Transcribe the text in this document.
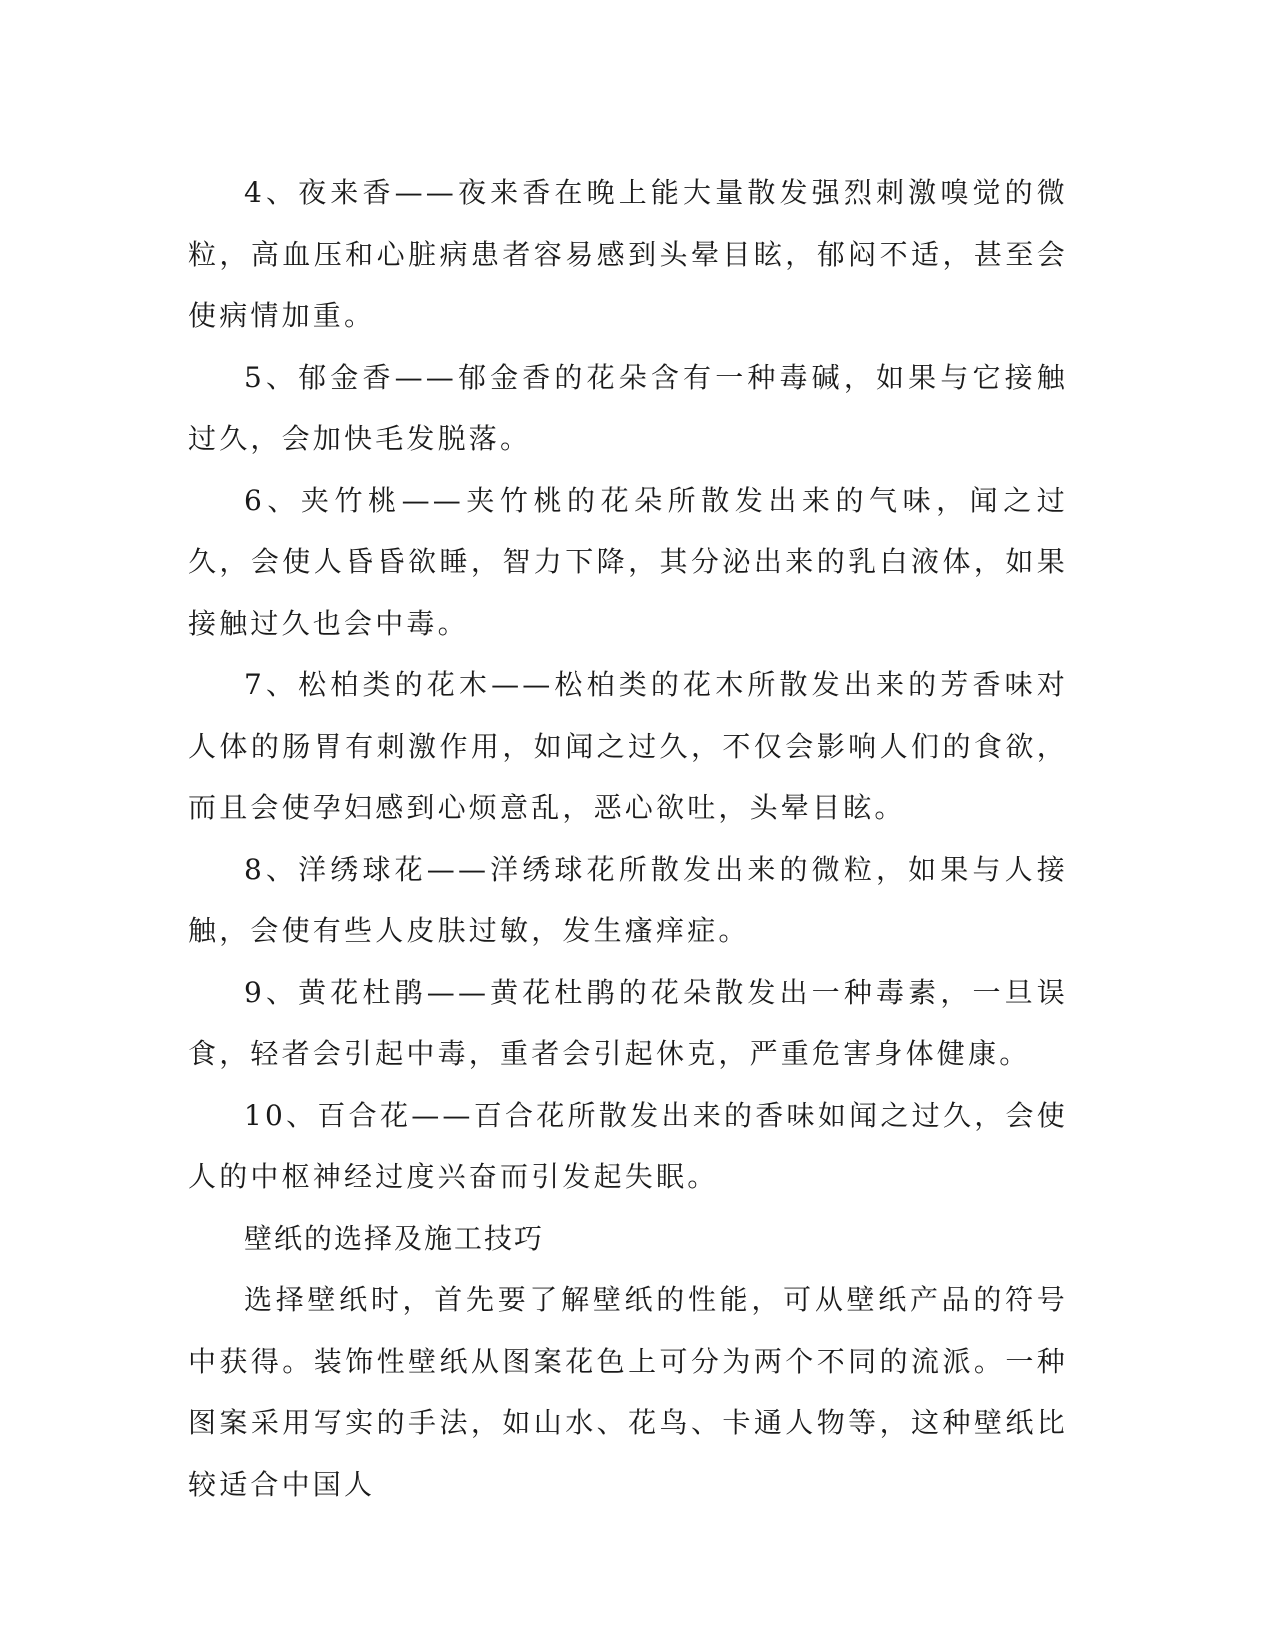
4、夜来香——夜来香在晚上能大量散发强烈刺激嗅觉的微粒，高血压和心脏病患者容易感到头晕目眩，郁闷不适，甚至会使病情加重。

5、郁金香——郁金香的花朵含有一种毒碱，如果与它接触过久，会加快毛发脱落。

6、夹竹桃——夹竹桃的花朵所散发出来的气味，闻之过久，会使人昏昏欲睡，智力下降，其分泌出来的乳白液体，如果接触过久也会中毒。

7、松柏类的花木——松柏类的花木所散发出来的芳香味对人体的肠胃有刺激作用，如闻之过久，不仅会影响人们的食欲，而且会使孕妇感到心烦意乱，恶心欲吐，头晕目眩。

8、洋绣球花——洋绣球花所散发出来的微粒，如果与人接触，会使有些人皮肤过敏，发生瘙痒症。

9、黄花杜鹃——黄花杜鹃的花朵散发出一种毒素，一旦误食，轻者会引起中毒，重者会引起休克，严重危害身体健康。

10、百合花——百合花所散发出来的香味如闻之过久，会使人的中枢神经过度兴奋而引发起失眠。

壁纸的选择及施工技巧

选择壁纸时，首先要了解壁纸的性能，可从壁纸产品的符号中获得。装饰性壁纸从图案花色上可分为两个不同的流派。一种图案采用写实的手法，如山水、花鸟、卡通人物等，这种壁纸比较适合中国人
